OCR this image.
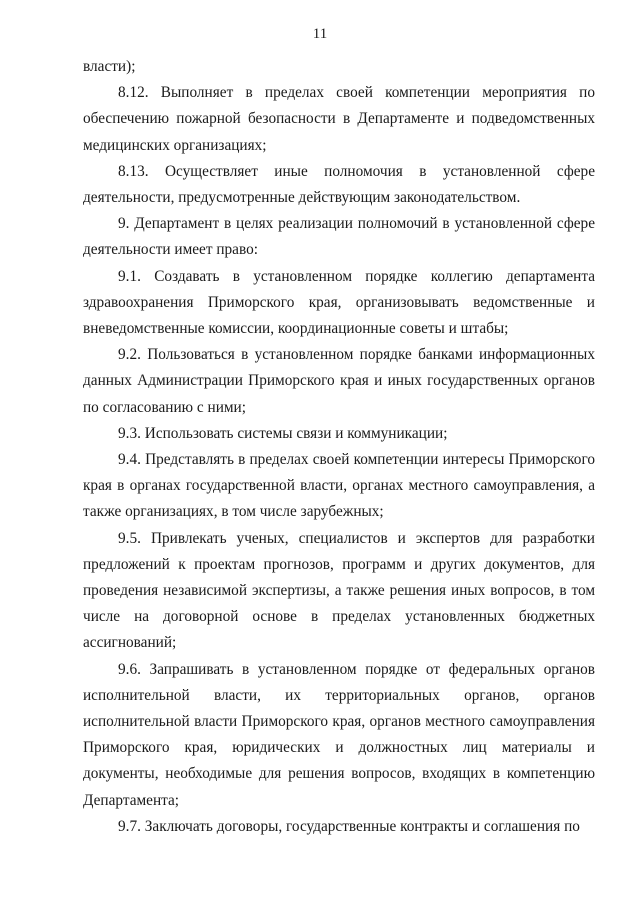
11

власти);

8.12. Выполняет в пределах своей компетенции мероприятия по обеспечению пожарной безопасности в Департаменте и подведомственных медицинских организациях;

8.13. Осуществляет иные полномочия в установленной сфере деятельности, предусмотренные действующим законодательством.

9. Департамент в целях реализации полномочий в установленной сфере деятельности имеет право:

9.1. Создавать в установленном порядке коллегию департамента здравоохранения Приморского края, организовывать ведомственные и вневедомственные комиссии, координационные советы и штабы;

9.2. Пользоваться в установленном порядке банками информационных данных Администрации Приморского края и иных государственных органов по согласованию с ними;

9.3. Использовать системы связи и коммуникации;

9.4. Представлять в пределах своей компетенции интересы Приморского края в органах государственной власти, органах местного самоуправления, а также организациях, в том числе зарубежных;

9.5. Привлекать ученых, специалистов и экспертов для разработки предложений к проектам прогнозов, программ и других документов, для проведения независимой экспертизы, а также решения иных вопросов, в том числе на договорной основе в пределах установленных бюджетных ассигнований;

9.6. Запрашивать в установленном порядке от федеральных органов исполнительной власти, их территориальных органов, органов исполнительной власти Приморского края, органов местного самоуправления Приморского края, юридических и должностных лиц материалы и документы, необходимые для решения вопросов, входящих в компетенцию Департамента;

9.7. Заключать договоры, государственные контракты и соглашения по
